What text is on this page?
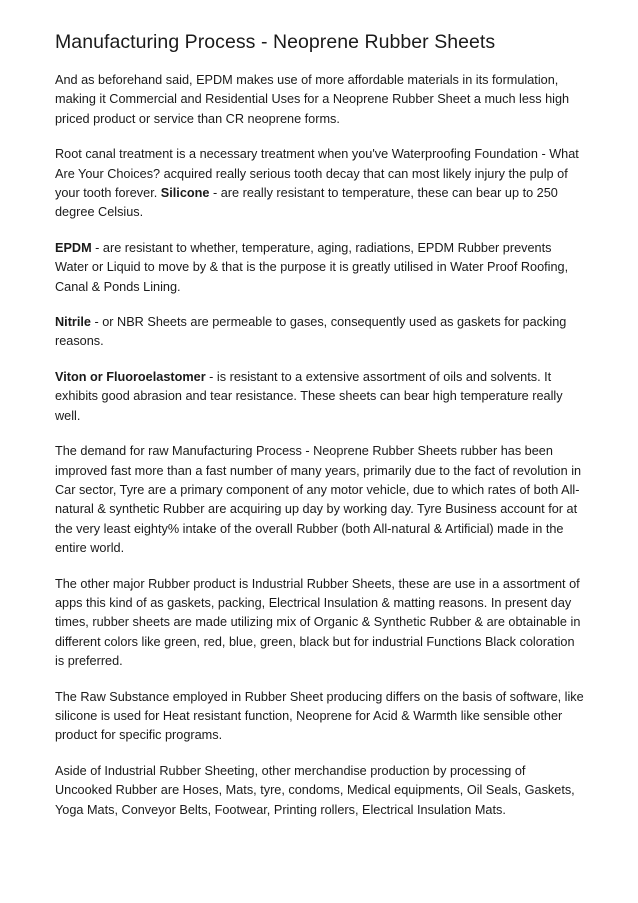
Manufacturing Process - Neoprene Rubber Sheets

And as beforehand said, EPDM makes use of more affordable materials in its formulation, making it Commercial and Residential Uses for a Neoprene Rubber Sheet a much less high priced product or service than CR neoprene forms.

Root canal treatment is a necessary treatment when you've Waterproofing Foundation - What Are Your Choices? acquired really serious tooth decay that can most likely injury the pulp of your tooth forever. Silicone - are really resistant to temperature, these can bear up to 250 degree Celsius.

EPDM - are resistant to whether, temperature, aging, radiations, EPDM Rubber prevents Water or Liquid to move by & that is the purpose it is greatly utilised in Water Proof Roofing, Canal & Ponds Lining.

Nitrile - or NBR Sheets are permeable to gases, consequently used as gaskets for packing reasons.

Viton or Fluoroelastomer - is resistant to a extensive assortment of oils and solvents. It exhibits good abrasion and tear resistance. These sheets can bear high temperature really well.

The demand for raw Manufacturing Process - Neoprene Rubber Sheets rubber has been improved fast more than a fast number of many years, primarily due to the fact of revolution in Car sector, Tyre are a primary component of any motor vehicle, due to which rates of both All-natural & synthetic Rubber are acquiring up day by working day. Tyre Business account for at the very least eighty% intake of the overall Rubber (both All-natural & Artificial) made in the entire world.

The other major Rubber product is Industrial Rubber Sheets, these are use in a assortment of apps this kind of as gaskets, packing, Electrical Insulation & matting reasons. In present day times, rubber sheets are made utilizing mix of Organic & Synthetic Rubber & are obtainable in different colors like green, red, blue, green, black but for industrial Functions Black coloration is preferred.

The Raw Substance employed in Rubber Sheet producing differs on the basis of software, like silicone is used for Heat resistant function, Neoprene for Acid & Warmth like sensible other product for specific programs.

Aside of Industrial Rubber Sheeting, other merchandise production by processing of Uncooked Rubber are Hoses, Mats, tyre, condoms, Medical equipments, Oil Seals, Gaskets, Yoga Mats, Conveyor Belts, Footwear, Printing rollers, Electrical Insulation Mats.
